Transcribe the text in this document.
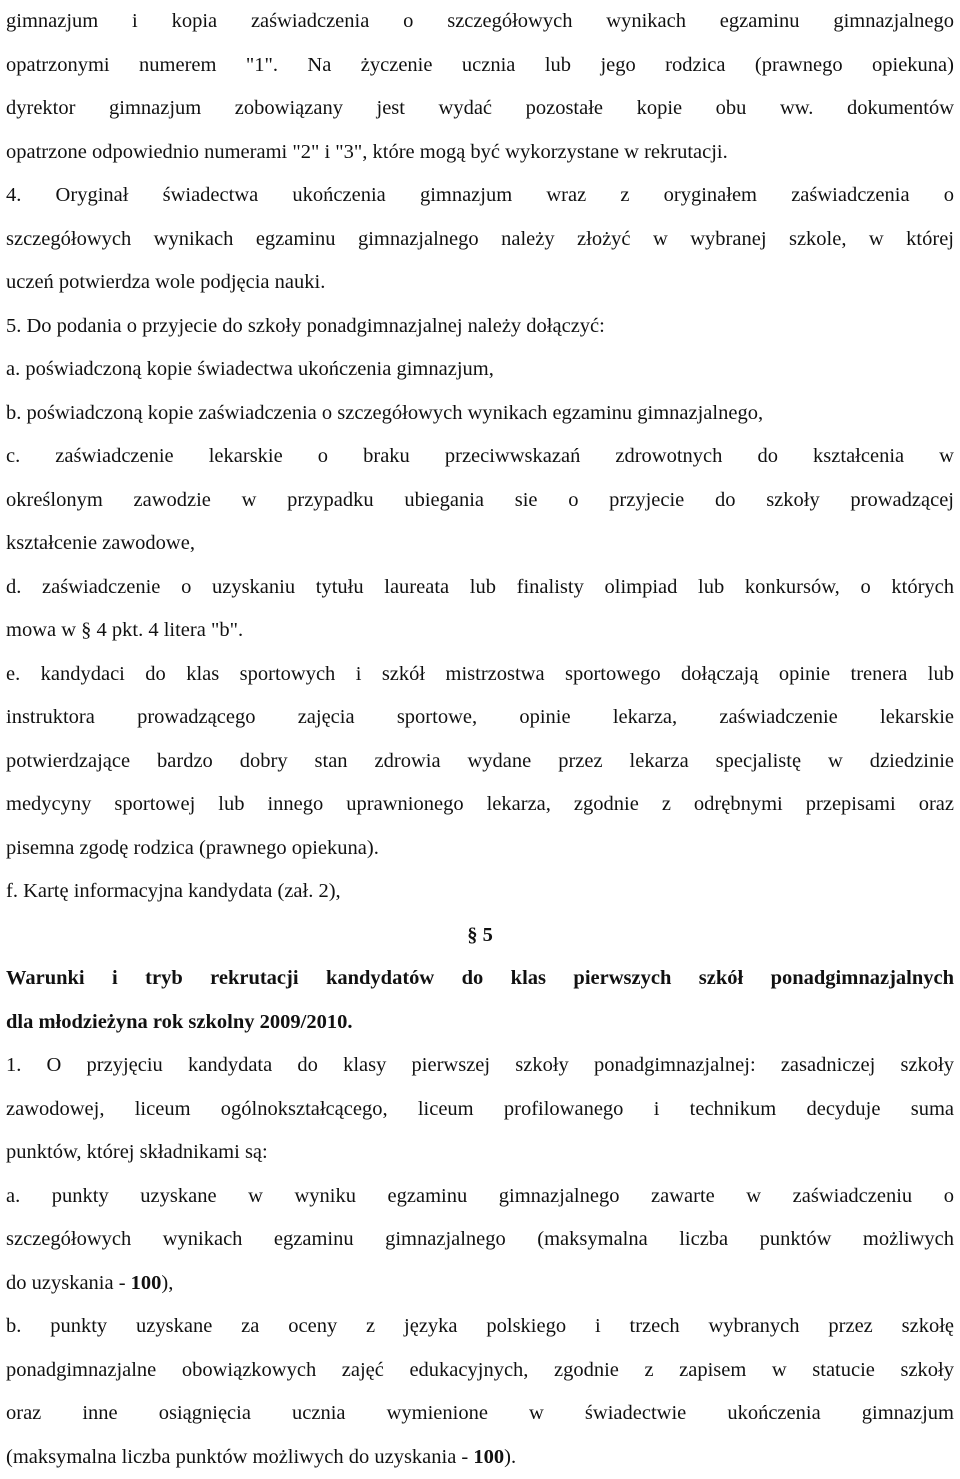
gimnazjum i kopia zaświadczenia o szczegółowych wynikach egzaminu gimnazjalnego
opatrzonymi numerem "1". Na życzenie ucznia lub jego rodzica (prawnego opiekuna)
dyrektor gimnazjum zobowiązany jest wydać pozostałe kopie obu ww. dokumentów
opatrzone odpowiednio numerami "2" i "3", które mogą być wykorzystane w rekrutacji.
4. Oryginał świadectwa ukończenia gimnazjum wraz z oryginałem zaświadczenia o
szczegółowych wynikach egzaminu gimnazjalnego należy złożyć w wybranej szkole, w której
uczeń potwierdza wole podjęcia nauki.
5. Do podania o przyjecie do szkoły ponadgimnazjalnej należy dołączyć:
a. poświadczoną kopie świadectwa ukończenia gimnazjum,
b. poświadczoną kopie zaświadczenia o szczegółowych wynikach egzaminu gimnazjalnego,
c. zaświadczenie lekarskie o braku przeciwwskazań zdrowotnych do kształcenia w
określonym zawodzie w przypadku ubiegania sie o przyjecie do szkoły prowadzącej
kształcenie zawodowe,
d. zaświadczenie o uzyskaniu tytułu laureata lub finalisty olimpiad lub konkursów, o których
mowa w § 4 pkt. 4 litera "b".
e. kandydaci do klas sportowych i szkół mistrzostwa sportowego dołączają opinie trenera lub
instruktora prowadzącego zajęcia sportowe, opinie lekarza, zaświadczenie lekarskie
potwierdzające bardzo dobry stan zdrowia wydane przez lekarza specjalistę w dziedzinie
medycyny sportowej lub innego uprawnionego lekarza, zgodnie z odrębnymi przepisami oraz
pisemna zgodę rodzica (prawnego opiekuna).
f. Kartę informacyjna kandydata (zał. 2),
§ 5
Warunki i tryb rekrutacji kandydatów do klas pierwszych szkół ponadgimnazjalnych
dla młodzieżyna rok szkolny 2009/2010.
1. O przyjęciu kandydata do klasy pierwszej szkoły ponadgimnazjalnej: zasadniczej szkoły
zawodowej, liceum ogólnokształcącego, liceum profilowanego i technikum decyduje suma
punktów, której składnikami są:
a. punkty uzyskane w wyniku egzaminu gimnazjalnego zawarte w zaświadczeniu o
szczegółowych wynikach egzaminu gimnazjalnego (maksymalna liczba punktów możliwych
do uzyskania - 100),
b. punkty uzyskane za oceny z języka polskiego i trzech wybranych przez szkołę
ponadgimnazjalne obowiązkowych zajęć edukacyjnych, zgodnie z zapisem w statucie szkoły
oraz inne osiągnięcia ucznia wymienione w świadectwie ukończenia gimnazjum
(maksymalna liczba punktów możliwych do uzyskania - 100).
